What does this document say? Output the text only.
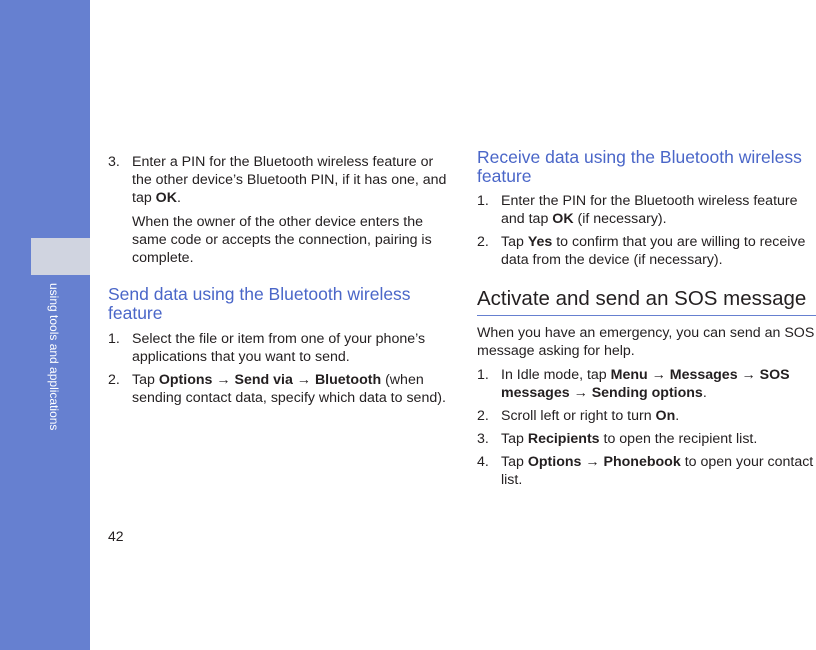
using tools and applications
42
3. Enter a PIN for the Bluetooth wireless feature or the other device’s Bluetooth PIN, if it has one, and tap OK.
When the owner of the other device enters the same code or accepts the connection, pairing is complete.
Send data using the Bluetooth wireless feature
1. Select the file or item from one of your phone’s applications that you want to send.
2. Tap Options → Send via → Bluetooth (when sending contact data, specify which data to send).
Receive data using the Bluetooth wireless feature
1. Enter the PIN for the Bluetooth wireless feature and tap OK (if necessary).
2. Tap Yes to confirm that you are willing to receive data from the device (if necessary).
Activate and send an SOS message
When you have an emergency, you can send an SOS message asking for help.
1. In Idle mode, tap Menu → Messages → SOS messages → Sending options.
2. Scroll left or right to turn On.
3. Tap Recipients to open the recipient list.
4. Tap Options → Phonebook to open your contact list.
